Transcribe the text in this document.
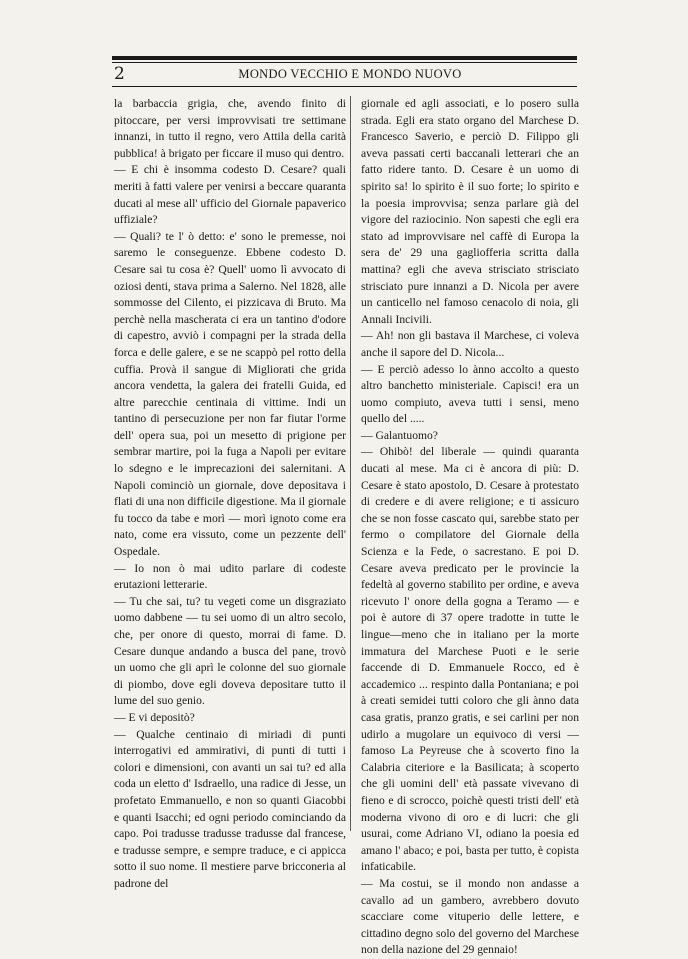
2	MONDO VECCHIO E MONDO NUOVO

la barbaccia grigia, che, avendo finito di pitoccare, per versi improvvisati tre settimane innanzi, in tutto il regno, vero Attila della carità pubblica! à brigato per ficcare il muso qui dentro.

— E chi è insomma codesto D. Cesare? quali meriti à fatti valere per venirsi a beccare quaranta ducati al mese all' ufficio del Giornale papaverico uffiziale?

— Quali? te l' ò detto: e' sono le premesse, noi saremo le conseguenze. Ebbene codesto D. Cesare sai tu cosa è? Quell' uomo lì avvocato di oziosi denti, stava prima a Salerno. Nel 1828, alle sommosse del Cilento, ei pizzicava di Bruto. Ma perchè nella mascherata ci era un tantino d'odore di capestro, avviò i compagni per la strada della forca e delle galere, e se ne scappò pel rotto della cuffia. Provà il sangue di Migliorati che grida ancora vendetta, la galera dei fratelli Guida, ed altre parecchie centinaia di vittime. Indi un tantino di persecuzione per non far fiutar l'orme dell' opera sua, poi un mesetto di prigione per sembrar martire, poi la fuga a Napoli per evitare lo sdegno e le imprecazioni dei salernitani. A Napoli cominciò un giornale, dove depositava i flati di una non difficile digestione. Ma il giornale fu tocco da tabe e morì — morì ignoto come era nato, come era vissuto, come un pezzente dell' Ospedale.

— Io non ò mai udito parlare di codeste erutazioni letterarie.

— Tu che sai, tu? tu vegeti come un disgraziato uomo dabbene — tu sei uomo di un altro secolo, che, per onore di questo, morrai di fame. D. Cesare dunque andando a busca del pane, trovò un uomo che gli aprì le colonne del suo giornale di piombo, dove egli doveva depositare tutto il lume del suo genio.

— E vi depositò?

— Qualche centinaio di miriadi di punti interrogativi ed ammirativi, di punti di tutti i colori e dimensioni, con avanti un sai tu? ed alla coda un eletto d' Isdraello, una radice di Jesse, un profetato Emmanuello, e non so quanti Giacobbi e quanti Isacchi; ed ogni periodo cominciando da capo. Poi tradusse tradusse tradusse dal francese, e tradusse sempre, e sempre traduce, e ci appicca sotto il suo nome. Il mestiere parve bricconeria al padrone del

giornale ed agli associati, e lo posero sulla strada. Egli era stato organo del Marchese D. Francesco Saverio, e perciò D. Filippo gli aveva passati certi baccanali letterari che an fatto ridere tanto. D. Cesare è un uomo di spirito sa! lo spirito è il suo forte; lo spirito e la poesia improvvisa; senza parlare già del vigore del raziocinio. Non sapesti che egli era stato ad improvvisare nel caffè di Europa la sera de' 29 una gagliofferia scritta dalla mattina? egli che aveva strisciato strisciato strisciato pure innanzi a D. Nicola per avere un canticello nel famoso cenacolo di noia, gli Annali Incivili.

— Ah! non gli bastava il Marchese, ci voleva anche il sapore del D. Nicola...

— E perciò adesso lo ànno accolto a questo altro banchetto ministeriale. Capisci! era un uomo compiuto, aveva tutti i sensi, meno quello del .....

— Galantuomo?

— Ohibò! del liberale — quindi quaranta ducati al mese. Ma ci è ancora di più: D. Cesare è stato apostolo, D. Cesare à protestato di credere e di avere religione; e ti assicuro che se non fosse cascato qui, sarebbe stato per fermo o compilatore del Giornale della Scienza e la Fede, o sacrestano. E poi D. Cesare aveva predicato per le provincie la fedeltà al governo stabilito per ordine, e aveva ricevuto l' onore della gogna a Teramo — e poi è autore di 37 opere tradotte in tutte le lingue—meno che in italiano per la morte immatura del Marchese Puoti e le serie faccende di D. Emmanuele Rocco, ed è accademico ... respinto dalla Pontaniana; e poi à creati semidei tutti coloro che gli ànno data casa gratis, pranzo gratis, e sei carlini per non udirlo a mugolare un equivoco di versi — famoso La Peyreuse che à scoverto fino la Calabria citeriore e la Basilicata; à scoperto che gli uomini dell' età passate vivevano di fieno e di scrocco, poichè questi tristi dell' età moderna vivono di oro e di lucri: che gli usurai, come Adriano VI, odiano la poesia ed amano l' abaco; e poi, basta per tutto, è copista infaticabile.

— Ma costui, se il mondo non andasse a cavallo ad un gambero, avrebbero dovuto scacciare come vituperio delle lettere, e cittadino degno solo del governo del Marchese non della nazione del 29 gennaio!
